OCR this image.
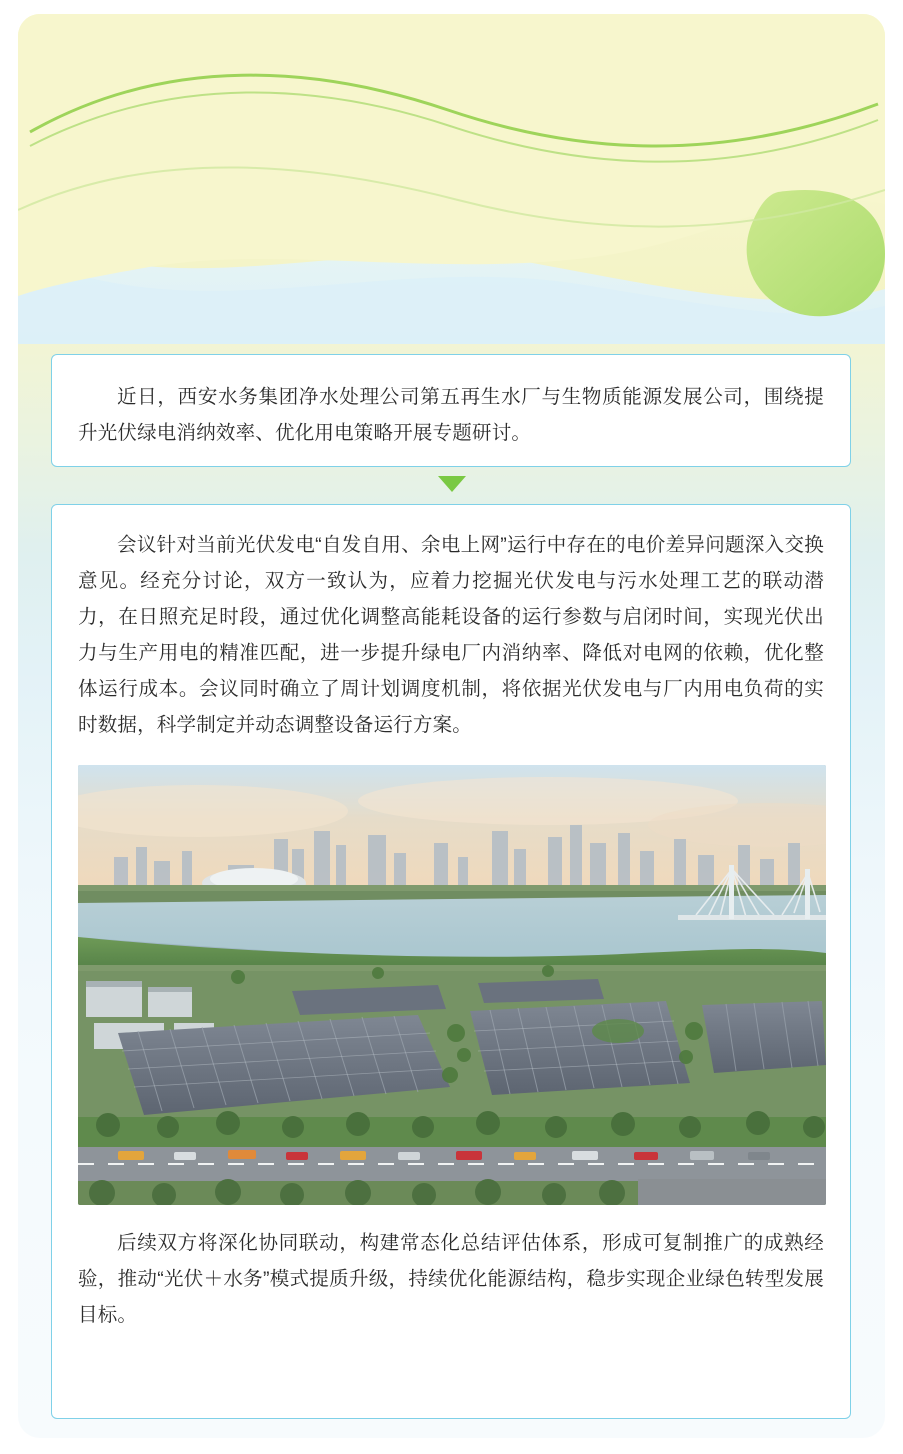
近日，西安水务集团净水处理公司第五再生水厂与生物质能源发展公司，围绕提升光伏绿电消纳效率、优化用电策略开展专题研讨。

会议针对当前光伏发电“自发自用、余电上网”运行中存在的电价差异问题深入交换意见。经充分讨论，双方一致认为，应着力挖掘光伏发电与污水处理工艺的联动潜力，在日照充足时段，通过优化调整高能耗设备的运行参数与启闭时间，实现光伏出力与生产用电的精准匹配，进一步提升绿电厂内消纳率、降低对电网的依赖，优化整体运行成本。会议同时确立了周计划调度机制，将依据光伏发电与厂内用电负荷的实时数据，科学制定并动态调整设备运行方案。

后续双方将深化协同联动，构建常态化总结评估体系，形成可复制推广的成熟经验，推动“光伏＋水务”模式提质升级，持续优化能源结构，稳步实现企业绿色转型发展目标。
